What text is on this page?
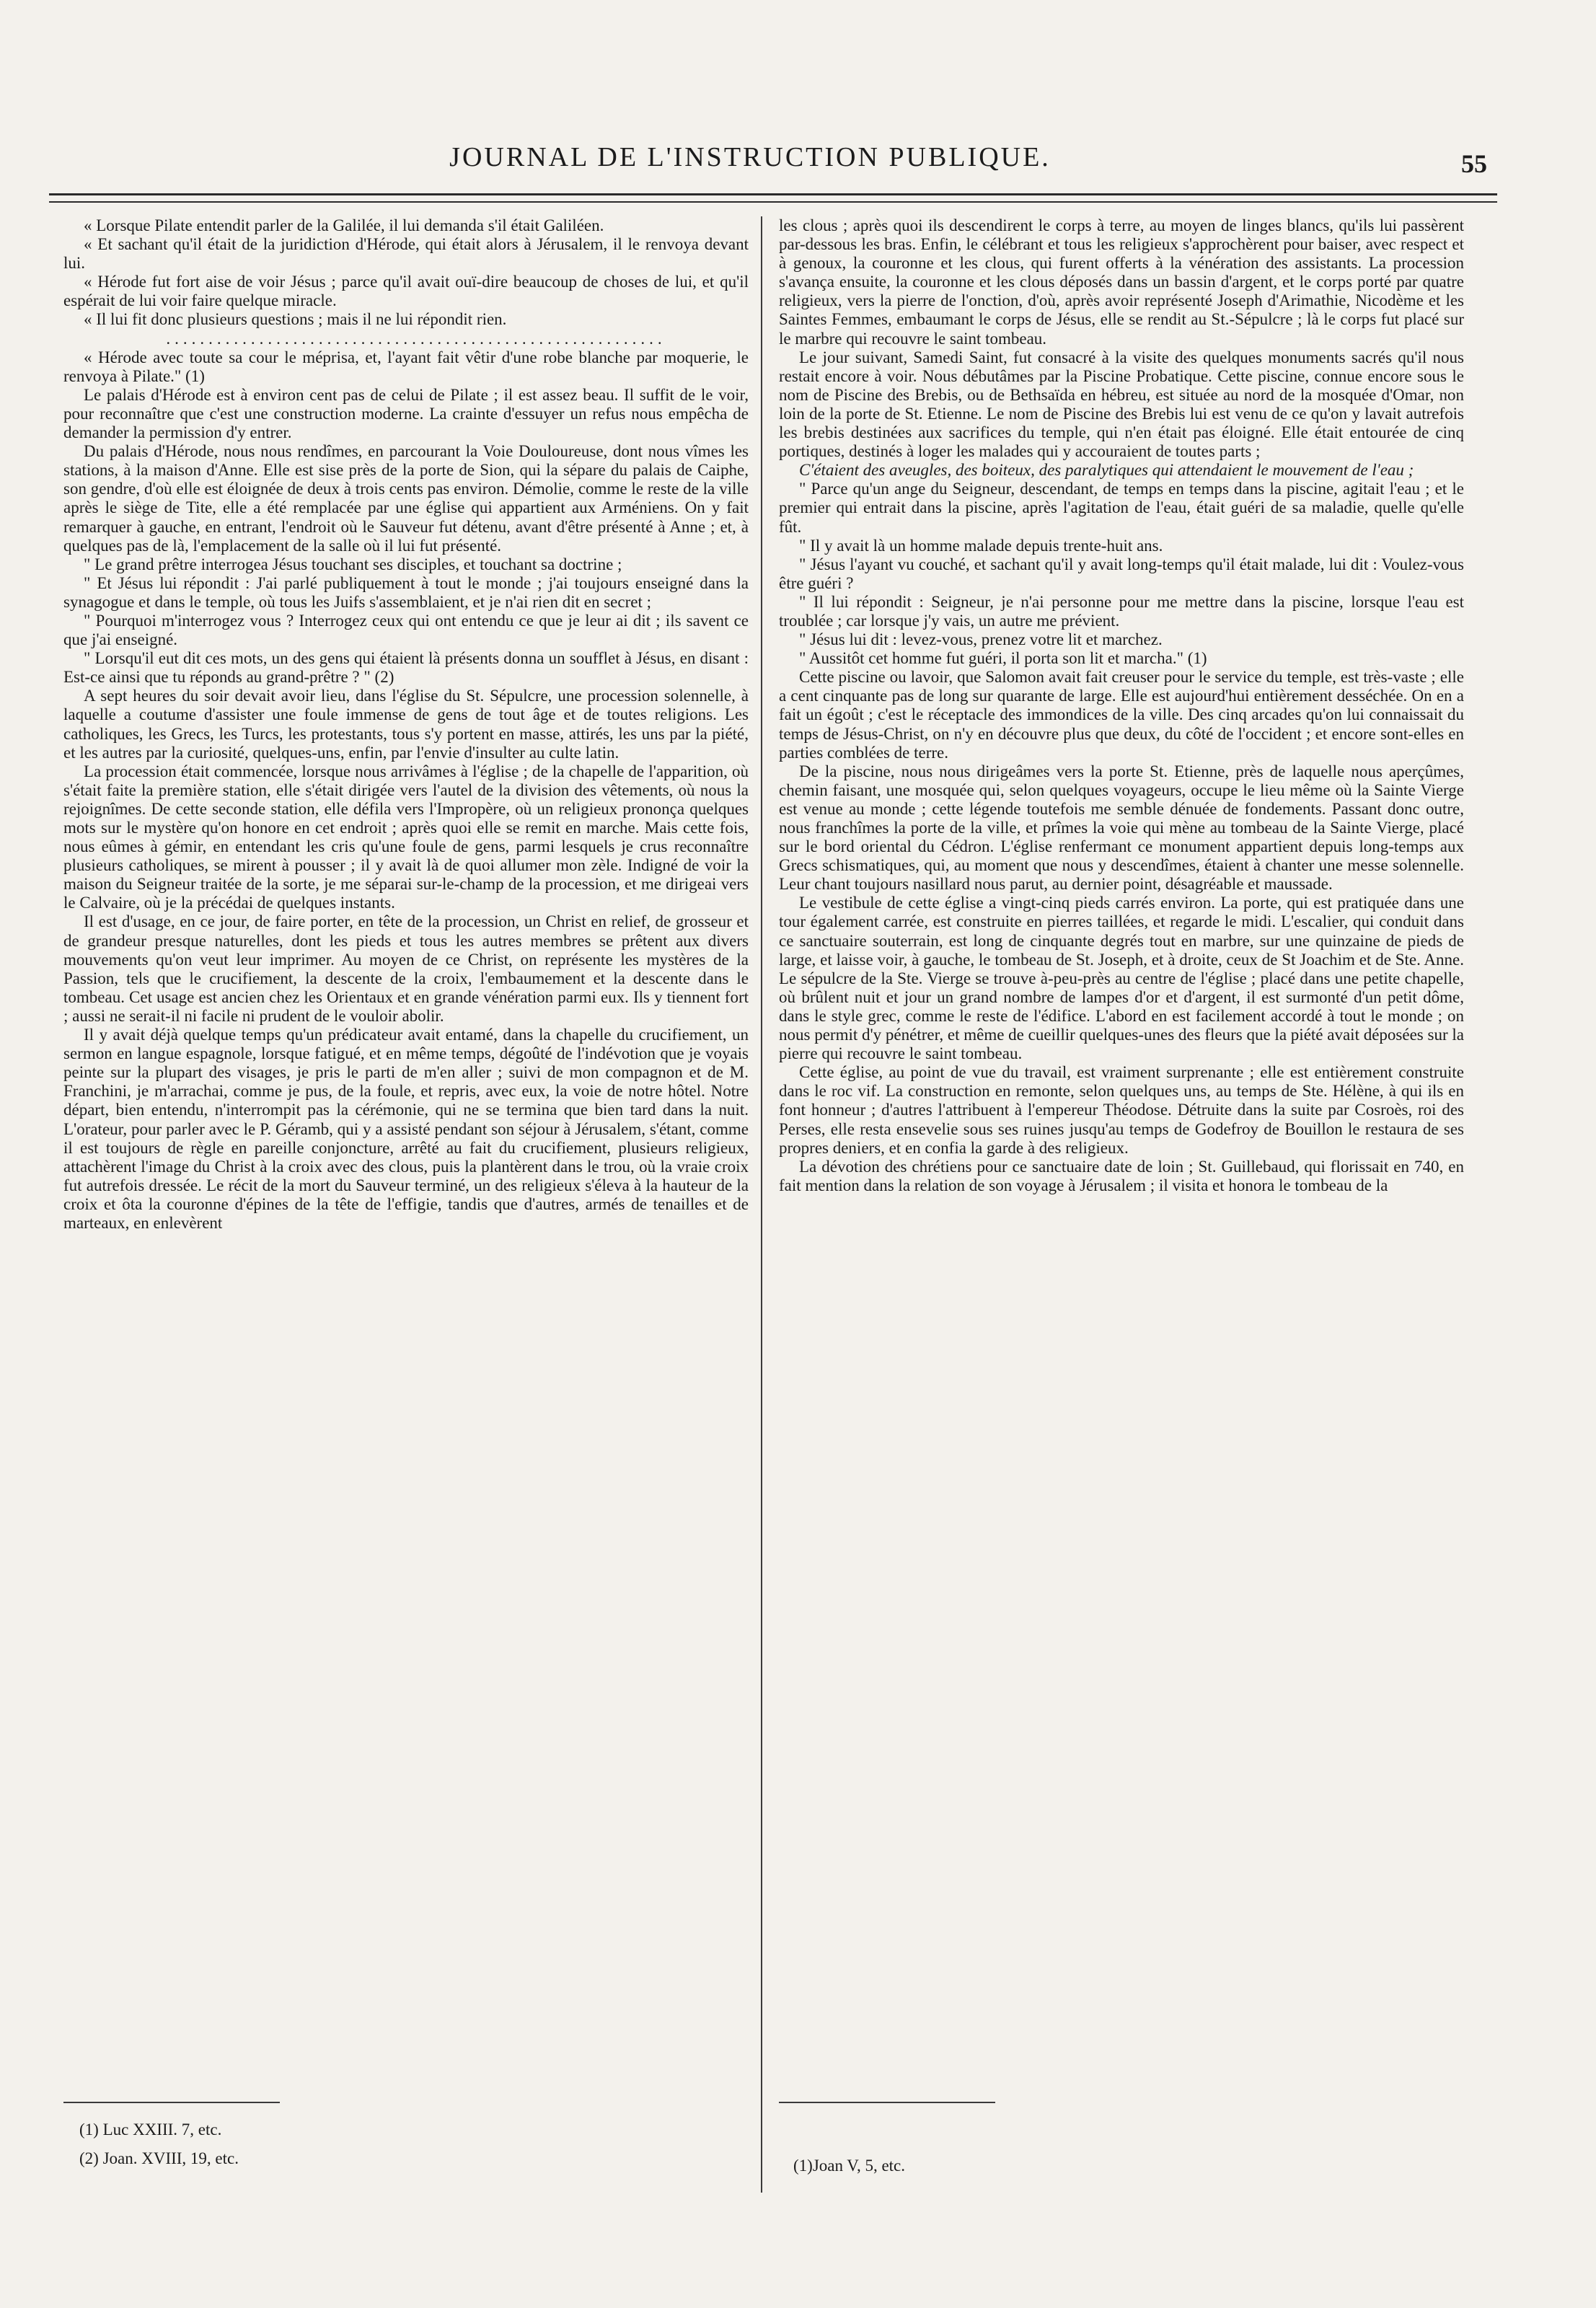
JOURNAL DE L'INSTRUCTION PUBLIQUE.	55

« Lorsque Pilate entendit parler de la Galilée, il lui demanda s'il était Galiléen.

« Et sachant qu'il était de la juridiction d'Hérode, qui était alors à Jérusalem, il le renvoya devant lui.

« Hérode fut fort aise de voir Jésus ; parce qu'il avait ouï-dire beaucoup de choses de lui, et qu'il espérait de lui voir faire quelque miracle.

« Il lui fit donc plusieurs questions ; mais il ne lui répondit rien.

...........................................................

« Hérode avec toute sa cour le méprisa, et, l'ayant fait vêtir d'une robe blanche par moquerie, le renvoya à Pilate." (1)

Le palais d'Hérode est à environ cent pas de celui de Pilate ; il est assez beau. Il suffit de le voir, pour reconnaître que c'est une construction moderne. La crainte d'essuyer un refus nous empêcha de demander la permission d'y entrer.

Du palais d'Hérode, nous nous rendîmes, en parcourant la Voie Douloureuse, dont nous vîmes les stations, à la maison d'Anne. Elle est sise près de la porte de Sion, qui la sépare du palais de Caiphe, son gendre, d'où elle est éloignée de deux à trois cents pas environ. Démolie, comme le reste de la ville après le siège de Tite, elle a été remplacée par une église qui appartient aux Arméniens. On y fait remarquer à gauche, en entrant, l'endroit où le Sauveur fut détenu, avant d'être présenté à Anne ; et, à quelques pas de là, l'emplacement de la salle où il lui fut présenté.

" Le grand prêtre interrogea Jésus touchant ses disciples, et touchant sa doctrine ;

" Et Jésus lui répondit : J'ai parlé publiquement à tout le monde ; j'ai toujours enseigné dans la synagogue et dans le temple, où tous les Juifs s'assemblaient, et je n'ai rien dit en secret ;

" Pourquoi m'interrogez vous ? Interrogez ceux qui ont entendu ce que je leur ai dit ; ils savent ce que j'ai enseigné.

" Lorsqu'il eut dit ces mots, un des gens qui étaient là présents donna un soufflet à Jésus, en disant : Est-ce ainsi que tu réponds au grand-prêtre ? " (2)

A sept heures du soir devait avoir lieu, dans l'église du St. Sépulcre, une procession solennelle, à laquelle a coutume d'assister une foule immense de gens de tout âge et de toutes religions. Les catholiques, les Grecs, les Turcs, les protestants, tous s'y portent en masse, attirés, les uns par la piété, et les autres par la curiosité, quelques-uns, enfin, par l'envie d'insulter au culte latin.

La procession était commencée, lorsque nous arrivâmes à l'église ; de la chapelle de l'apparition, où s'était faite la première station, elle s'était dirigée vers l'autel de la division des vêtements, où nous la rejoignîmes. De cette seconde station, elle défila vers l'Impropère, où un religieux prononça quelques mots sur le mystère qu'on honore en cet endroit ; après quoi elle se remit en marche. Mais cette fois, nous eûmes à gémir, en entendant les cris qu'une foule de gens, parmi lesquels je crus reconnaître plusieurs catholiques, se mirent à pousser ; il y avait là de quoi allumer mon zèle. Indigné de voir la maison du Seigneur traitée de la sorte, je me séparai sur-le-champ de la procession, et me dirigeai vers le Calvaire, où je la précédai de quelques instants.

Il est d'usage, en ce jour, de faire porter, en tête de la procession, un Christ en relief, de grosseur et de grandeur presque naturelles, dont les pieds et tous les autres membres se prêtent aux divers mouvements qu'on veut leur imprimer. Au moyen de ce Christ, on représente les mystères de la Passion, tels que le crucifiement, la descente de la croix, l'embaumement et la descente dans le tombeau. Cet usage est ancien chez les Orientaux et en grande vénération parmi eux. Ils y tiennent fort ; aussi ne serait-il ni facile ni prudent de le vouloir abolir.

Il y avait déjà quelque temps qu'un prédicateur avait entamé, dans la chapelle du crucifiement, un sermon en langue espagnole, lorsque fatigué, et en même temps, dégoûté de l'indévotion que je voyais peinte sur la plupart des visages, je pris le parti de m'en aller ; suivi de mon compagnon et de M. Franchini, je m'arrachai, comme je pus, de la foule, et repris, avec eux, la voie de notre hôtel. Notre départ, bien entendu, n'interrompit pas la cérémonie, qui ne se termina que bien tard dans la nuit. L'orateur, pour parler avec le P. Géramb, qui y a assisté pendant son séjour à Jérusalem, s'étant, comme il est toujours de règle en pareille conjoncture, arrêté au fait du crucifiement, plusieurs religieux, attachèrent l'image du Christ à la croix avec des clous, puis la plantèrent dans le trou, où la vraie croix fut autrefois dressée. Le récit de la mort du Sauveur terminé, un des religieux s'éleva à la hauteur de la croix et ôta la couronne d'épines de la tête de l'effigie, tandis que d'autres, armés de tenailles et de marteaux, en enlevèrent

les clous ; après quoi ils descendirent le corps à terre, au moyen de linges blancs, qu'ils lui passèrent par-dessous les bras. Enfin, le célébrant et tous les religieux s'approchèrent pour baiser, avec respect et à genoux, la couronne et les clous, qui furent offerts à la vénération des assistants. La procession s'avança ensuite, la couronne et les clous déposés dans un bassin d'argent, et le corps porté par quatre religieux, vers la pierre de l'onction, d'où, après avoir représenté Joseph d'Arimathie, Nicodème et les Saintes Femmes, embaumant le corps de Jésus, elle se rendit au St.-Sépulcre ; là le corps fut placé sur le marbre qui recouvre le saint tombeau.

Le jour suivant, Samedi Saint, fut consacré à la visite des quelques monuments sacrés qu'il nous restait encore à voir. Nous débutâmes par la Piscine Probatique. Cette piscine, connue encore sous le nom de Piscine des Brebis, ou de Bethsaïda en hébreu, est située au nord de la mosquée d'Omar, non loin de la porte de St. Etienne. Le nom de Piscine des Brebis lui est venu de ce qu'on y lavait autrefois les brebis destinées aux sacrifices du temple, qui n'en était pas éloigné. Elle était entourée de cinq portiques, destinés à loger les malades qui y accouraient de toutes parts ;

C'étaient des aveugles, des boiteux, des paralytiques qui attendaient le mouvement de l'eau ;

" Parce qu'un ange du Seigneur, descendant, de temps en temps dans la piscine, agitait l'eau ; et le premier qui entrait dans la piscine, après l'agitation de l'eau, était guéri de sa maladie, quelle qu'elle fût.

" Il y avait là un homme malade depuis trente-huit ans.

" Jésus l'ayant vu couché, et sachant qu'il y avait long-temps qu'il était malade, lui dit : Voulez-vous être guéri ?

" Il lui répondit : Seigneur, je n'ai personne pour me mettre dans la piscine, lorsque l'eau est troublée ; car lorsque j'y vais, un autre me prévient.

" Jésus lui dit : levez-vous, prenez votre lit et marchez.

" Aussitôt cet homme fut guéri, il porta son lit et marcha." (1)

Cette piscine ou lavoir, que Salomon avait fait creuser pour le service du temple, est très-vaste ; elle a cent cinquante pas de long sur quarante de large. Elle est aujourd'hui entièrement desséchée. On en a fait un égoût ; c'est le réceptacle des immondices de la ville. Des cinq arcades qu'on lui connaissait du temps de Jésus-Christ, on n'y en découvre plus que deux, du côté de l'occident ; et encore sont-elles en parties comblées de terre.

De la piscine, nous nous dirigeâmes vers la porte St. Etienne, près de laquelle nous aperçûmes, chemin faisant, une mosquée qui, selon quelques voyageurs, occupe le lieu même où la Sainte Vierge est venue au monde ; cette légende toutefois me semble dénuée de fondements. Passant donc outre, nous franchîmes la porte de la ville, et prîmes la voie qui mène au tombeau de la Sainte Vierge, placé sur le bord oriental du Cédron. L'église renfermant ce monument appartient depuis long-temps aux Grecs schismatiques, qui, au moment que nous y descendîmes, étaient à chanter une messe solennelle. Leur chant toujours nasillard nous parut, au dernier point, désagréable et maussade.

Le vestibule de cette église a vingt-cinq pieds carrés environ. La porte, qui est pratiquée dans une tour également carrée, est construite en pierres taillées, et regarde le midi. L'escalier, qui conduit dans ce sanctuaire souterrain, est long de cinquante degrés tout en marbre, sur une quinzaine de pieds de large, et laisse voir, à gauche, le tombeau de St. Joseph, et à droite, ceux de St Joachim et de Ste. Anne. Le sépulcre de la Ste. Vierge se trouve à-peu-près au centre de l'église ; placé dans une petite chapelle, où brûlent nuit et jour un grand nombre de lampes d'or et d'argent, il est surmonté d'un petit dôme, dans le style grec, comme le reste de l'édifice. L'abord en est facilement accordé à tout le monde ; on nous permit d'y pénétrer, et même de cueillir quelques-unes des fleurs que la piété avait déposées sur la pierre qui recouvre le saint tombeau.

Cette église, au point de vue du travail, est vraiment surprenante ; elle est entièrement construite dans le roc vif. La construction en remonte, selon quelques uns, au temps de Ste. Hélène, à qui ils en font honneur ; d'autres l'attribuent à l'empereur Théodose. Détruite dans la suite par Cosroès, roi des Perses, elle resta ensevelie sous ses ruines jusqu'au temps de Godefroy de Bouillon le restaura de ses propres deniers, et en confia la garde à des religieux.

La dévotion des chrétiens pour ce sanctuaire date de loin ; St. Guillebaud, qui florissait en 740, en fait mention dans la relation de son voyage à Jérusalem ; il visita et honora le tombeau de la

(1) Luc XXIII. 7, etc.
(2) Joan. XVIII, 19, etc.	(1)Joan V, 5, etc.
